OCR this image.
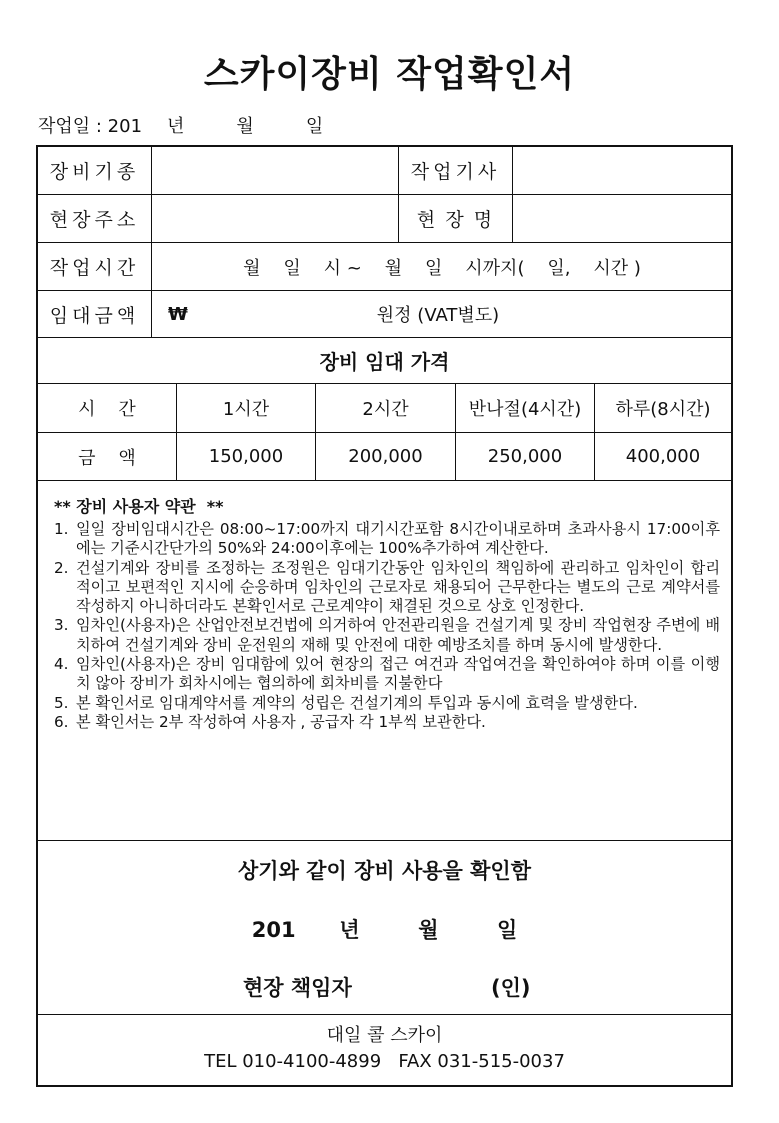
스카이장비 작업확인서
작업일 : 201 년	월	일
장비기종	작업기사
현장주소	현 장 명
작업시간	월    일    시 ~    월    일    시까지(    일,    시간 )
임대금액	₩	원정 (VAT별도)
장비 임대 가격
시    간	1시간	2시간	반나절(4시간)	하루(8시간)
금    액	150,000	200,000	250,000	400,000
** 장비 사용자 약관  **
1. 일일 장비임대시간은 08:00~17:00까지 대기시간포함 8시간이내로하며 초과사용시 17:00이후에는 기준시간단가의 50%와 24:00이후에는 100%추가하여 계산한다.
2. 건설기계와 장비를 조정하는 조정원은 임대기간동안 임차인의 책임하에 관리하고 임차인이 합리적이고 보편적인 지시에 순응하며 임차인의 근로자로 채용되어 근무한다는 별도의 근로 계약서를 작성하지 아니하더라도 본확인서로 근로계약이 채결된 것으로 상호 인정한다.
3. 임차인(사용자)은 산업안전보건법에 의거하여 안전관리원을 건설기계 및 장비 작업현장 주변에 배치하여 건설기계와 장비 운전원의 재해 및 안전에 대한 예방조치를 하며 동시에 발생한다.
4. 임차인(사용자)은 장비 임대함에 있어 현장의 접근 여건과 작업여건을 확인하여야 하며 이를 이행치 않아 장비가 회차시에는 협의하에 회차비를 지불한다
5. 본 확인서로 임대계약서를 계약의 성립은 건설기계의 투입과 동시에 효력을 발생한다.
6. 본 확인서는 2부 작성하여 사용자 , 공급자 각 1부씩 보관한다.
상기와 같이 장비 사용을 확인함
201      년        월        일
현장 책임자	(인)
대일 콜 스카이
TEL 010-4100-4899   FAX 031-515-0037
